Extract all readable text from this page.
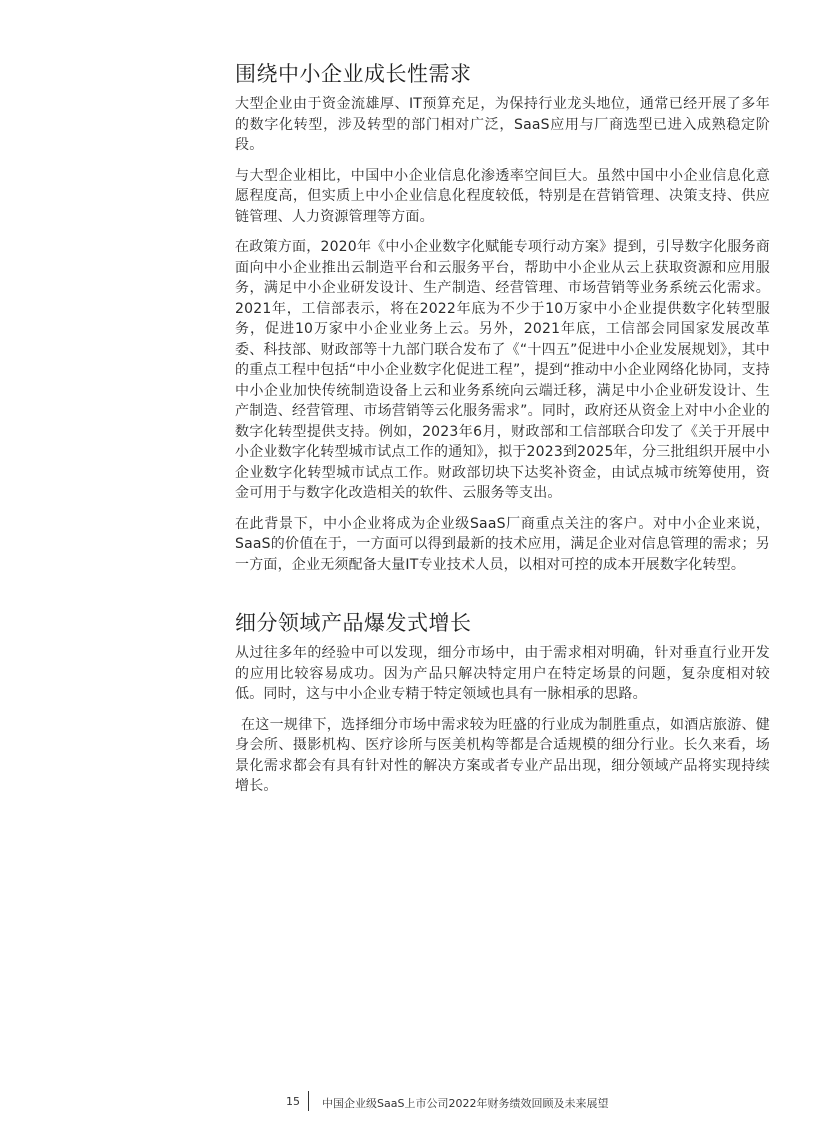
围绕中小企业成长性需求

大型企业由于资金流雄厚、IT预算充足，为保持行业龙头地位，通常已经开展了多年的数字化转型，涉及转型的部门相对广泛，SaaS应用与厂商选型已进入成熟稳定阶段。

与大型企业相比，中国中小企业信息化渗透率空间巨大。虽然中国中小企业信息化意愿程度高，但实质上中小企业信息化程度较低，特别是在营销管理、决策支持、供应链管理、人力资源管理等方面。

在政策方面，2020年《中小企业数字化赋能专项行动方案》提到，引导数字化服务商面向中小企业推出云制造平台和云服务平台，帮助中小企业从云上获取资源和应用服务，满足中小企业研发设计、生产制造、经营管理、市场营销等业务系统云化需求。2021年，工信部表示，将在2022年底为不少于10万家中小企业提供数字化转型服务，促进10万家中小企业业务上云。另外，2021年底，工信部会同国家发展改革委、科技部、财政部等十九部门联合发布了《“十四五”促进中小企业发展规划》，其中的重点工程中包括“中小企业数字化促进工程”，提到“推动中小企业网络化协同，支持中小企业加快传统制造设备上云和业务系统向云端迁移，满足中小企业研发设计、生产制造、经营管理、市场营销等云化服务需求”。同时，政府还从资金上对中小企业的数字化转型提供支持。例如，2023年6月，财政部和工信部联合印发了《关于开展中小企业数字化转型城市试点工作的通知》，拟于2023到2025年，分三批组织开展中小企业数字化转型城市试点工作。财政部切块下达奖补资金，由试点城市统筹使用，资金可用于与数字化改造相关的软件、云服务等支出。

在此背景下，中小企业将成为企业级SaaS厂商重点关注的客户。对中小企业来说，SaaS的价值在于，一方面可以得到最新的技术应用，满足企业对信息管理的需求；另一方面，企业无须配备大量IT专业技术人员，以相对可控的成本开展数字化转型。

细分领域产品爆发式增长

从过往多年的经验中可以发现，细分市场中，由于需求相对明确，针对垂直行业开发的应用比较容易成功。因为产品只解决特定用户在特定场景的问题，复杂度相对较低。同时，这与中小企业专精于特定领域也具有一脉相承的思路。

在这一规律下，选择细分市场中需求较为旺盛的行业成为制胜重点，如酒店旅游、健身会所、摄影机构、医疗诊所与医美机构等都是合适规模的细分行业。长久来看，场景化需求都会有具有针对性的解决方案或者专业产品出现，细分领域产品将实现持续增长。

15 中国企业级SaaS上市公司2022年财务绩效回顾及未来展望
